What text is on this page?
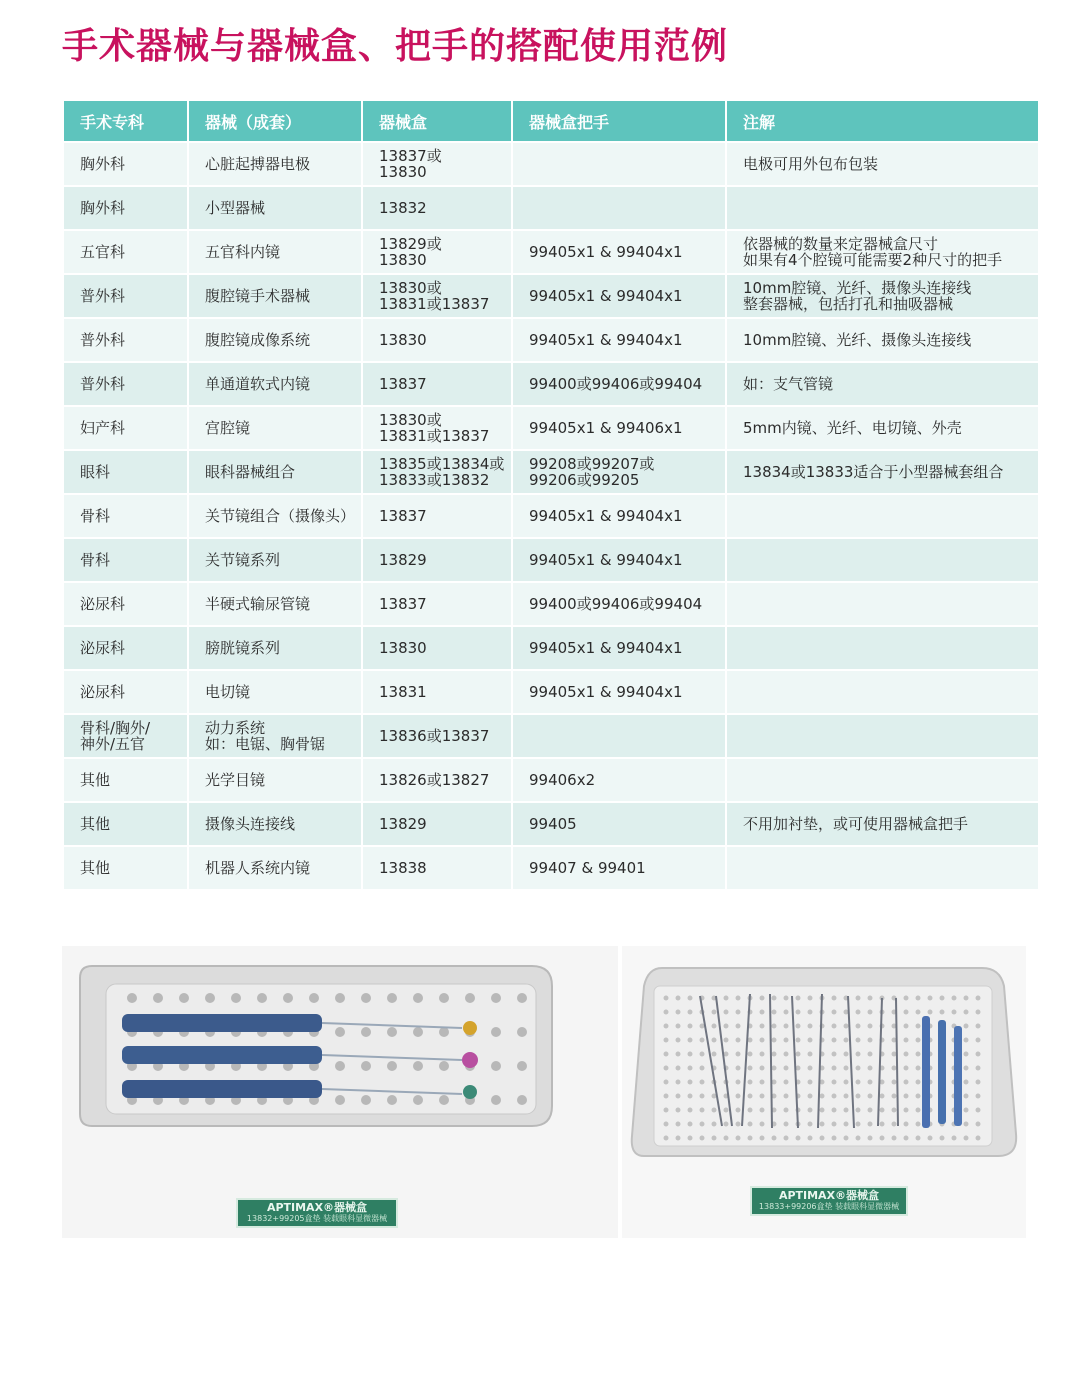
手术器械与器械盒、把手的搭配使用范例
手术专科	器械（成套）	器械盒	器械盒把手	注解
胸外科	心脏起搏器电极	13837或
13830		电极可用外包布包装
胸外科	小型器械	13832		
五官科	五官科内镜	13829或
13830	99405x1 & 99404x1	依器械的数量来定器械盒尺寸
如果有4个腔镜可能需要2种尺寸的把手
普外科	腹腔镜手术器械	13830或
13831或13837	99405x1 & 99404x1	10mm腔镜、光纤、摄像头连接线
整套器械，包括打孔和抽吸器械
普外科	腹腔镜成像系统	13830	99405x1 & 99404x1	10mm腔镜、光纤、摄像头连接线
普外科	单通道软式内镜	13837	99400或99406或99404	如：支气管镜
妇产科	宫腔镜	13830或
13831或13837	99405x1 & 99406x1	5mm内镜、光纤、电切镜、外壳
眼科	眼科器械组合	13835或13834或
13833或13832	99208或99207或
99206或99205	13834或13833适合于小型器械套组合
骨科	关节镜组合（摄像头）	13837	99405x1 & 99404x1	
骨科	关节镜系列	13829	99405x1 & 99404x1	
泌尿科	半硬式输尿管镜	13837	99400或99406或99404	
泌尿科	膀胱镜系列	13830	99405x1 & 99404x1	
泌尿科	电切镜	13831	99405x1 & 99404x1	
骨科/胸外/
神外/五官	动力系统
如：电锯、胸骨锯	13836或13837		
其他	光学目镜	13826或13827	99406x2	
其他	摄像头连接线	13829	99405	不用加衬垫，或可使用器械盒把手
其他	机器人系统内镜	13838	99407 & 99401	
APTIMAX®器械盒
13832+99205盒垫 装载眼科显微器械
APTIMAX®器械盒
13833+99206盒垫 装载眼科显微器械
